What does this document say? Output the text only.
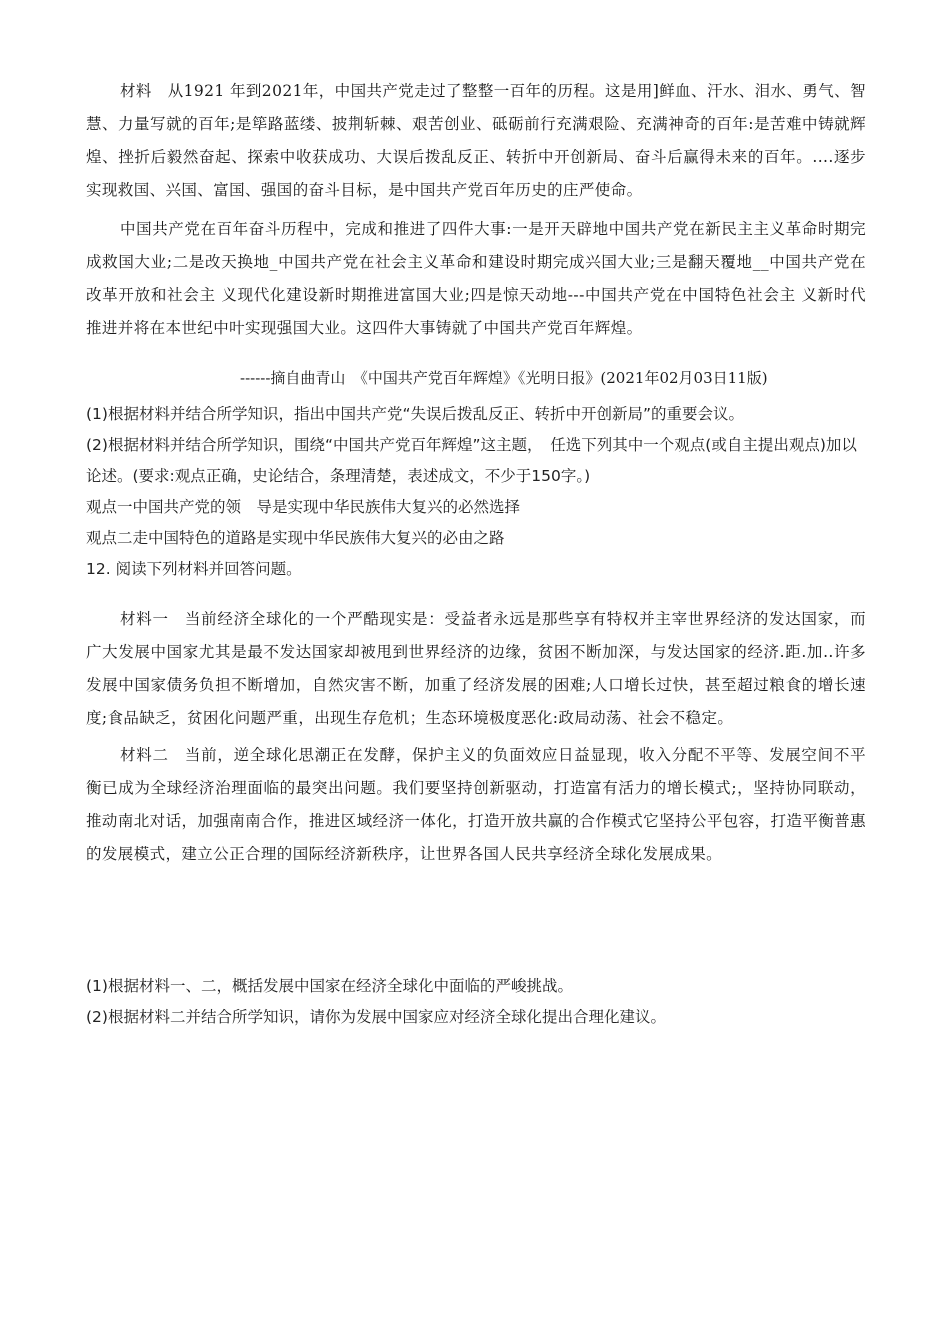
材料　从1921 年到2021年，中国共产党走过了整整一百年的历程。这是用]鲜血、汗水、泪水、勇气、智慧、力量写就的百年;是筚路蓝缕、披荆斩棘、艰苦创业、砥砺前行充满艰险、充满神奇的百年:是苦难中铸就辉煌、挫折后毅然奋起、探索中收获成功、大误后拨乱反正、转折中开创新局、奋斗后赢得未来的百年。....逐步实现救国、兴国、富国、强国的奋斗目标，是中国共产党百年历史的庄严使命。

中国共产党在百年奋斗历程中，完成和推进了四件大事:一是开天辟地中国共产党在新民主主义革命时期完成救国大业;二是改天换地_中国共产党在社会主义革命和建设时期完成兴国大业;三是翻天覆地__中国共产党在改革开放和社会主 义现代化建设新时期推进富国大业;四是惊天动地---中国共产党在中国特色社会主 义新时代推进并将在本世纪中叶实现强国大业。这四件大事铸就了中国共产党百年辉煌。

------摘自曲青山　《中国共产党百年辉煌》《光明日报》(2021年02月03日11版)

(1)根据材料并结合所学知识，指出中国共产党“失误后拨乱反正、转折中开创新局”的重要会议。

(2)根据材料并结合所学知识，围绕“中国共产党百年辉煌”这主题，　任选下列其中一个观点(或自主提出观点)加以论述。(要求:观点正确，史论结合，条理清楚，表述成文，不少于150字。)

观点一中国共产党的领　导是实现中华民族伟大复兴的必然选择

观点二走中国特色的道路是实现中华民族伟大复兴的必由之路

12. 阅读下列材料并回答问题。

材料一　当前经济全球化的一个严酷现实是：受益者永远是那些享有特权并主宰世界经济的发达国家，而广大发展中国家尤其是最不发达国家却被甩到世界经济的边缘，贫困不断加深，与发达国家的经济.距.加..许多发展中国家债务负担不断增加，自然灾害不断，加重了经济发展的困难;人口增长过快，甚至超过粮食的增长速度;食品缺乏，贫困化问题严重，出现生存危机；生态环境极度恶化:政局动荡、社会不稳定。

材料二　当前，逆全球化思潮正在发酵，保护主义的负面效应日益显现，收入分配不平等、发展空间不平衡已成为全球经济治理面临的最突出问题。我们要坚持创新驱动，打造富有活力的增长模式;，坚持协同联动，推动南北对话，加强南南合作，推进区域经济一体化，打造开放共赢的合作模式它坚持公平包容，打造平衡普惠的发展模式，建立公正合理的国际经济新秩序，让世界各国人民共享经济全球化发展成果。

(1)根据材料一、二，概括发展中国家在经济全球化中面临的严峻挑战。

(2)根据材料二并结合所学知识，请你为发展中国家应对经济全球化提出合理化建议。
